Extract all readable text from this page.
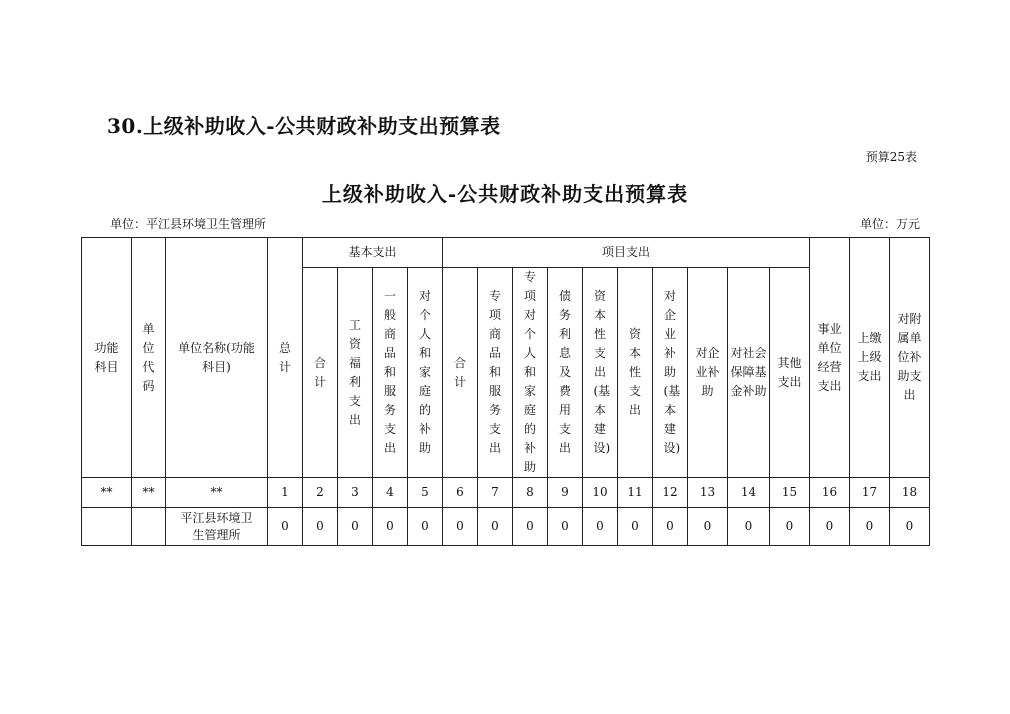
30.上级补助收入-公共财政补助支出预算表
预算25表
上级补助收入-公共财政补助支出预算表
单位：平江县环境卫生管理所	单位：万元
功能科目	单位代码	单位名称(功能科目)	总计	基本支出				项目支出										事业单位经营支出	上缴上级支出	对附属单位补助支出
				合计	工资福利支出	一般商品和服务支出	对个人和家庭的补助	合计	专项商品和服务支出	专项对个人和家庭的补助	债务利息及费用支出	资本性支出(基本建设)	资本性支出	对企业补助(基本建设)	对企业补助	对社会保障基金补助	其他支出			
**	**	**	1	2	3	4	5	6	7	8	9	10	11	12	13	14	15	16	17	18
		平江县环境卫生管理所	0	0	0	0	0	0	0	0	0	0	0	0	0	0	0	0	0	0
